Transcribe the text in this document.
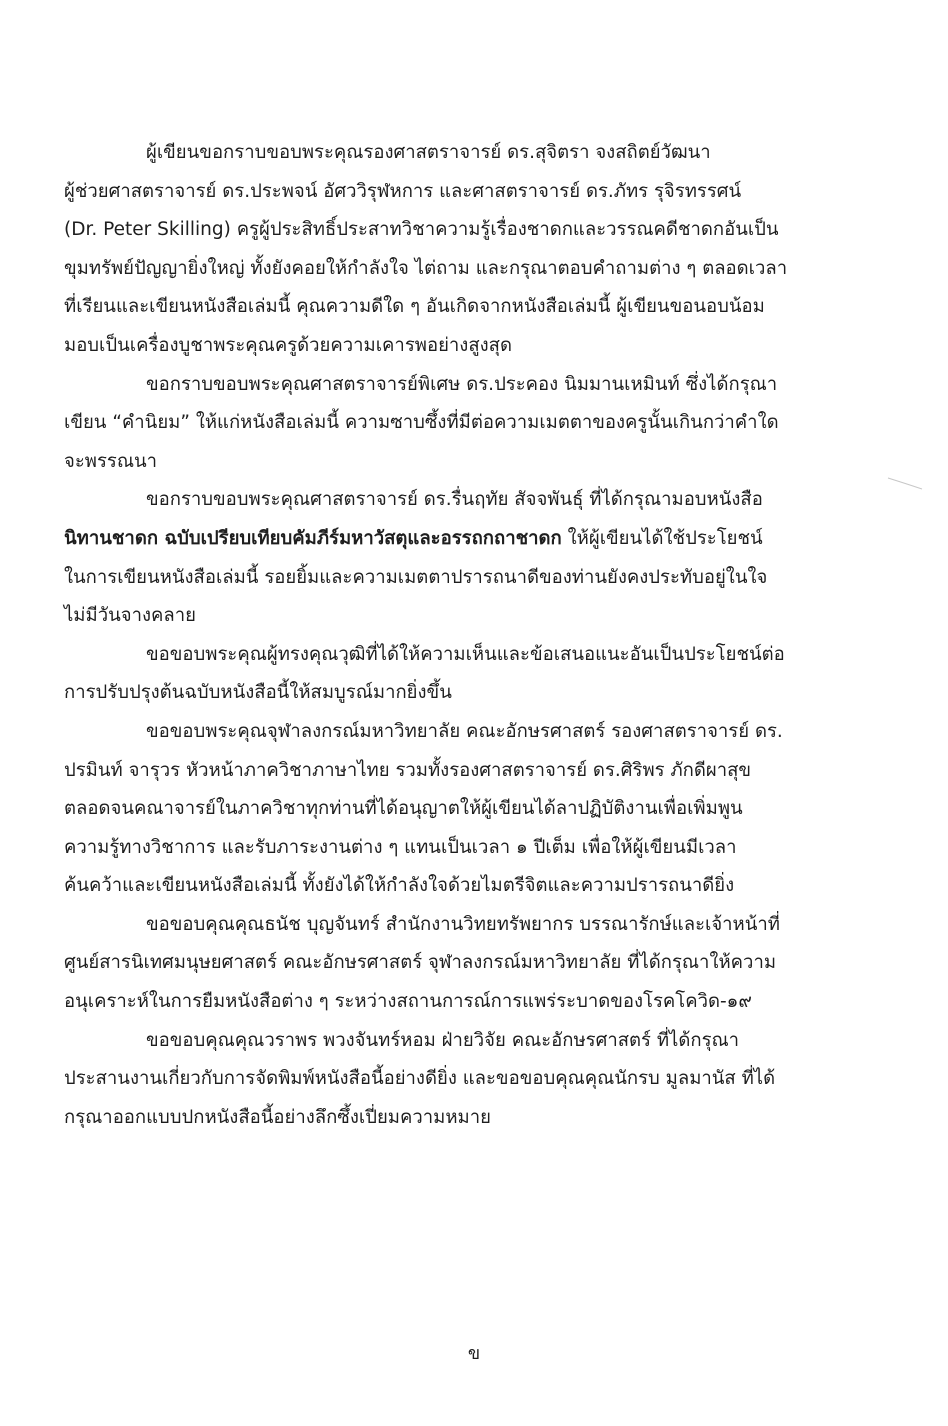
ผู้เขียนขอกราบขอบพระคุณรองศาสตราจารย์ ดร.สุจิตรา จงสถิตย์วัฒนา
ผู้ช่วยศาสตราจารย์ ดร.ประพจน์ อัศววิรุฬหการ และศาสตราจารย์ ดร.ภัทร รุจิรทรรศน์
(Dr. Peter Skilling) ครูผู้ประสิทธิ์ประสาทวิชาความรู้เรื่องชาดกและวรรณคดีชาดกอันเป็น
ขุมทรัพย์ปัญญายิ่งใหญ่ ทั้งยังคอยให้กำลังใจ ไต่ถาม และกรุณาตอบคำถามต่าง ๆ ตลอดเวลา
ที่เรียนและเขียนหนังสือเล่มนี้ คุณความดีใด ๆ อันเกิดจากหนังสือเล่มนี้ ผู้เขียนขอนอบน้อม
มอบเป็นเครื่องบูชาพระคุณครูด้วยความเคารพอย่างสูงสุด
ขอกราบขอบพระคุณศาสตราจารย์พิเศษ ดร.ประคอง นิมมานเหมินท์ ซึ่งได้กรุณา
เขียน “คำนิยม” ให้แก่หนังสือเล่มนี้ ความซาบซึ้งที่มีต่อความเมตตาของครูนั้นเกินกว่าคำใด
จะพรรณนา
ขอกราบขอบพระคุณศาสตราจารย์ ดร.รื่นฤทัย สัจจพันธุ์ ที่ได้กรุณามอบหนังสือ
นิทานชาดก ฉบับเปรียบเทียบคัมภีร์มหาวัสตุและอรรถกถาชาดก ให้ผู้เขียนได้ใช้ประโยชน์
ในการเขียนหนังสือเล่มนี้ รอยยิ้มและความเมตตาปรารถนาดีของท่านยังคงประทับอยู่ในใจ
ไม่มีวันจางคลาย
ขอขอบพระคุณผู้ทรงคุณวุฒิที่ได้ให้ความเห็นและข้อเสนอแนะอันเป็นประโยชน์ต่อ
การปรับปรุงต้นฉบับหนังสือนี้ให้สมบูรณ์มากยิ่งขึ้น
ขอขอบพระคุณจุฬาลงกรณ์มหาวิทยาลัย คณะอักษรศาสตร์ รองศาสตราจารย์ ดร.
ปรมินท์ จารุวร หัวหน้าภาควิชาภาษาไทย รวมทั้งรองศาสตราจารย์ ดร.ศิริพร ภักดีผาสุข
ตลอดจนคณาจารย์ในภาควิชาทุกท่านที่ได้อนุญาตให้ผู้เขียนได้ลาปฏิบัติงานเพื่อเพิ่มพูน
ความรู้ทางวิชาการ และรับภาระงานต่าง ๆ แทนเป็นเวลา ๑ ปีเต็ม เพื่อให้ผู้เขียนมีเวลา
ค้นคว้าและเขียนหนังสือเล่มนี้ ทั้งยังได้ให้กำลังใจด้วยไมตรีจิตและความปรารถนาดียิ่ง
ขอขอบคุณคุณธนัช บุญจันทร์ สำนักงานวิทยทรัพยากร บรรณารักษ์และเจ้าหน้าที่
ศูนย์สารนิเทศมนุษยศาสตร์ คณะอักษรศาสตร์ จุฬาลงกรณ์มหาวิทยาลัย ที่ได้กรุณาให้ความ
อนุเคราะห์ในการยืมหนังสือต่าง ๆ ระหว่างสถานการณ์การแพร่ระบาดของโรคโควิด-๑๙
ขอขอบคุณคุณวราพร พวงจันทร์หอม ฝ่ายวิจัย คณะอักษรศาสตร์ ที่ได้กรุณา
ประสานงานเกี่ยวกับการจัดพิมพ์หนังสือนี้อย่างดียิ่ง และขอขอบคุณคุณนักรบ มูลมานัส ที่ได้
กรุณาออกแบบปกหนังสือนี้อย่างลึกซึ้งเปี่ยมความหมาย
ข
